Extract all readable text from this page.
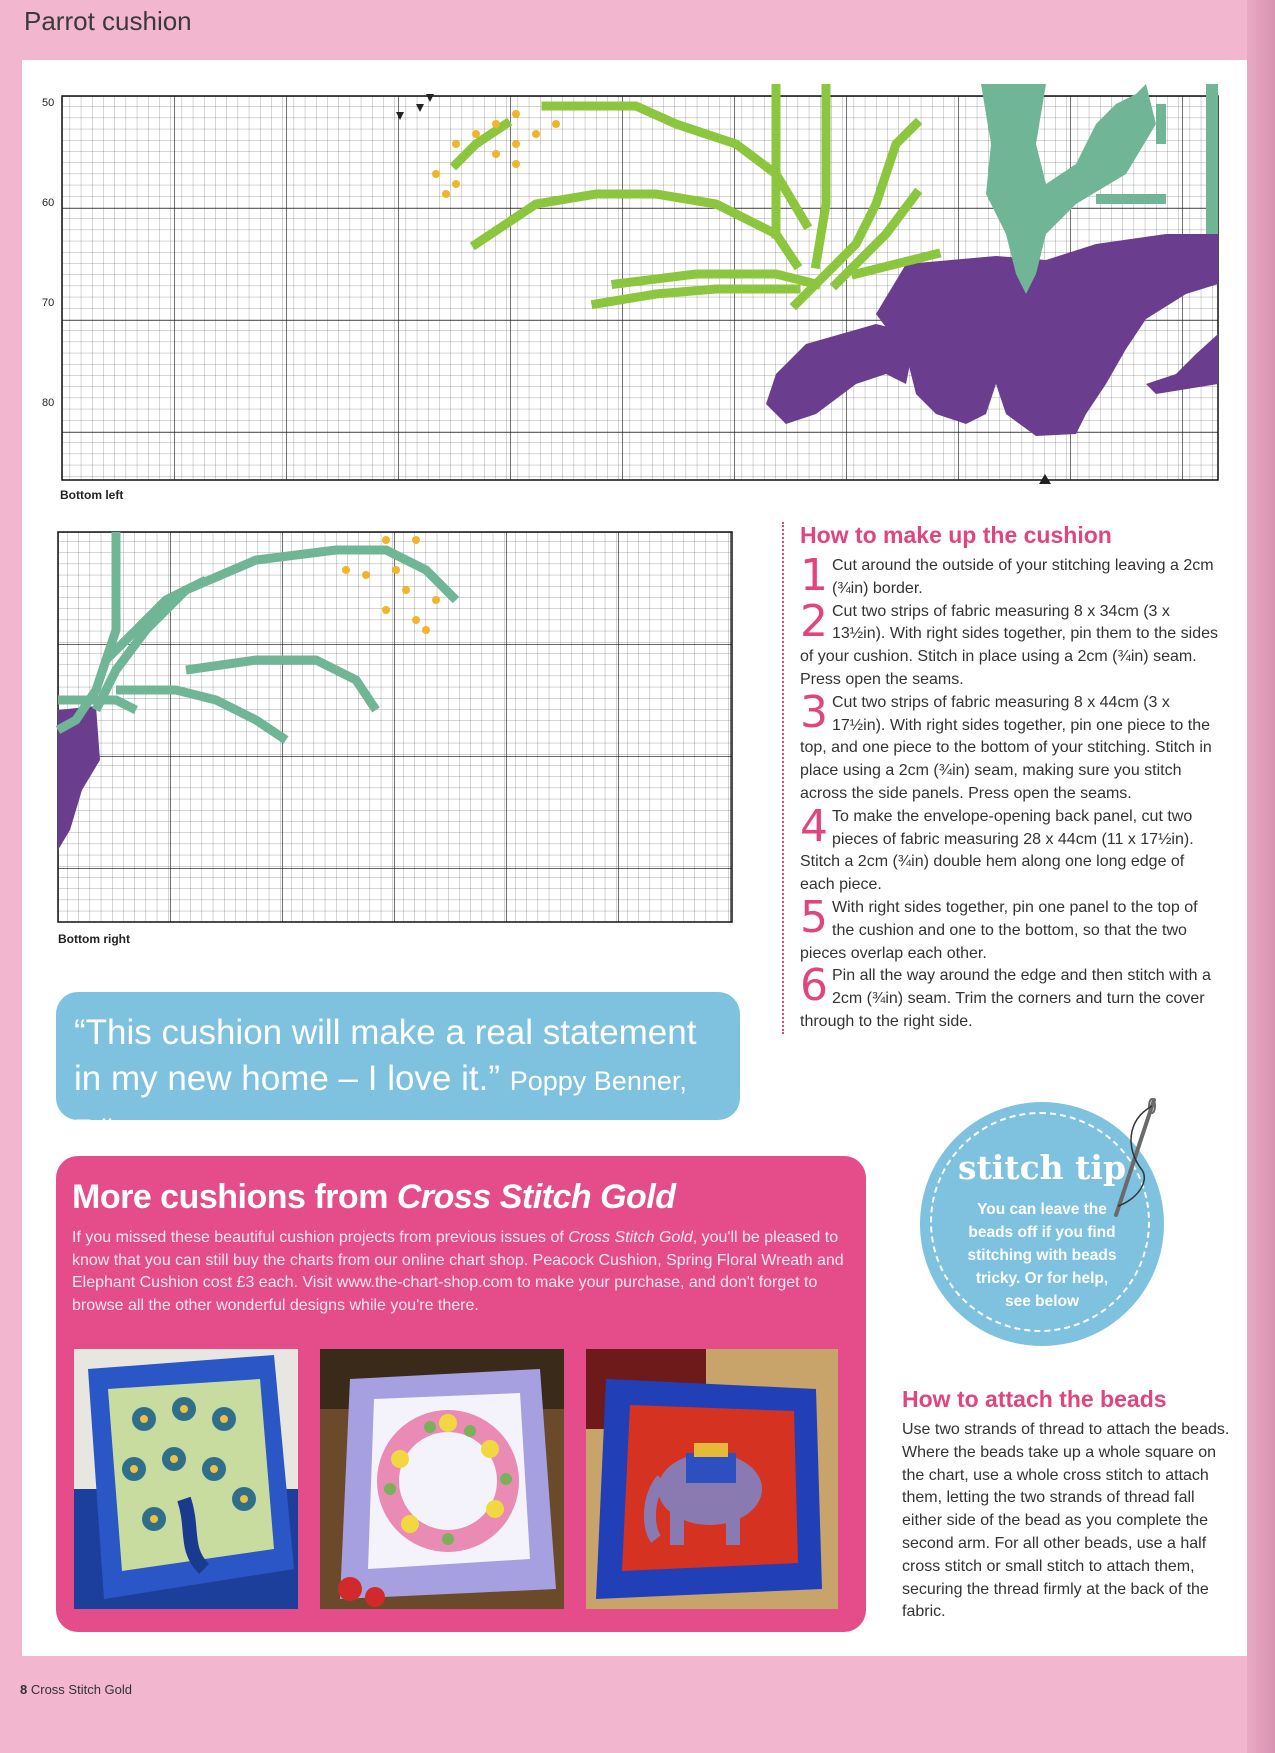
Parrot cushion
50
60
70
80
Bottom left
Bottom right
How to make up the cushion
1 Cut around the outside of your stitching leaving a 2cm (¾in) border.
2 Cut two strips of fabric measuring 8 x 34cm (3 x 13½in). With right sides together, pin them to the sides of your cushion. Stitch in place using a 2cm (¾in) seam. Press open the seams.
3 Cut two strips of fabric measuring 8 x 44cm (3 x 17½in). With right sides together, pin one piece to the top, and one piece to the bottom of your stitching. Stitch in place using a 2cm (¾in) seam, making sure you stitch across the side panels. Press open the seams.
4 To make the envelope-opening back panel, cut two pieces of fabric measuring 28 x 44cm (11 x 17½in). Stitch a 2cm (¾in) double hem along one long edge of each piece.
5 With right sides together, pin one panel to the top of the cushion and one to the bottom, so that the two pieces overlap each other.
6 Pin all the way around the edge and then stitch with a 2cm (¾in) seam. Trim the corners and turn the cover through to the right side.
“This cushion will make a real statement in my new home – I love it.” Poppy Benner, Editor
More cushions from Cross Stitch Gold

If you missed these beautiful cushion projects from previous issues of Cross Stitch Gold, you'll be pleased to know that you can still buy the charts from our online chart shop. Peacock Cushion, Spring Floral Wreath and Elephant Cushion cost £3 each. Visit www.the-chart-shop.com to make your purchase, and don't forget to browse all the other wonderful designs while you're there.

stitch tip
You can leave the beads off if you find stitching with beads tricky. Or for help, see below
How to attach the beads

Use two strands of thread to attach the beads. Where the beads take up a whole square on the chart, use a whole cross stitch to attach them, letting the two strands of thread fall either side of the bead as you complete the second arm. For all other beads, use a half cross stitch or small stitch to attach them, securing the thread firmly at the back of the fabric.

8 Cross Stitch Gold
